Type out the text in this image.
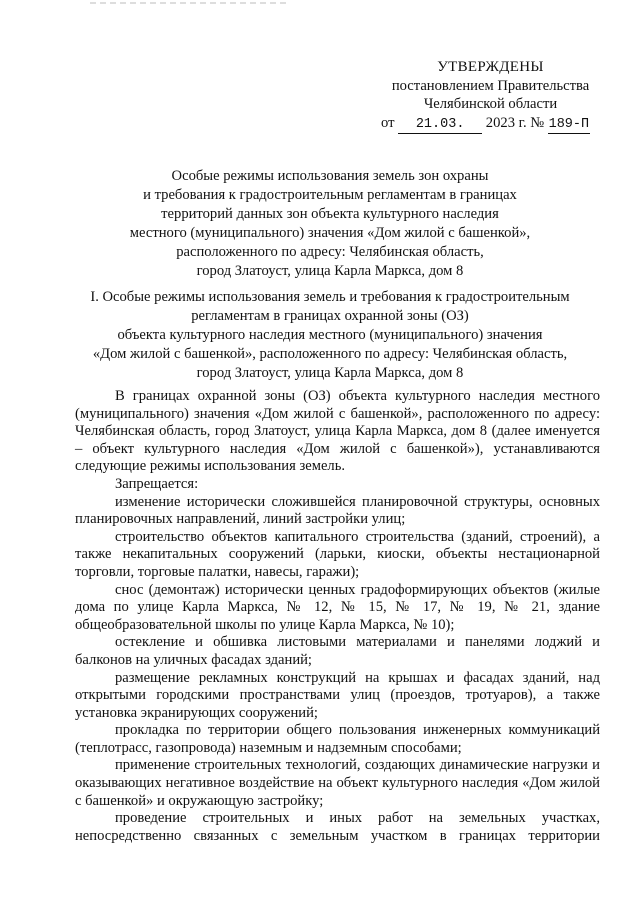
УТВЕРЖДЕНЫ
постановлением Правительства
Челябинской области
от 21.03. 2023 г. № 189-П
Особые режимы использования земель зон охраны
и требования к градостроительным регламентам в границах
территорий данных зон объекта культурного наследия
местного (муниципального) значения «Дом жилой с башенкой»,
расположенного по адресу: Челябинская область,
город Златоуст, улица Карла Маркса, дом 8
I. Особые режимы использования земель и требования к градостроительным
регламентам в границах охранной зоны (ОЗ)
объекта культурного наследия местного (муниципального) значения
«Дом жилой с башенкой», расположенного по адресу: Челябинская область,
город Златоуст, улица Карла Маркса, дом 8

В границах охранной зоны (ОЗ) объекта культурного наследия местного (муниципального) значения «Дом жилой с башенкой», расположенного по адресу: Челябинская область, город Златоуст, улица Карла Маркса, дом 8 (далее именуется – объект культурного наследия «Дом жилой с башенкой»), устанавливаются следующие режимы использования земель.

Запрещается:

изменение исторически сложившейся планировочной структуры, основных планировочных направлений, линий застройки улиц;

строительство объектов капитального строительства (зданий, строений), а также некапитальных сооружений (ларьки, киоски, объекты нестационарной торговли, торговые палатки, навесы, гаражи);

снос (демонтаж) исторически ценных градоформирующих объектов (жилые дома по улице Карла Маркса, № 12, № 15, № 17, № 19, № 21, здание общеобразовательной школы по улице Карла Маркса, № 10);

остекление и обшивка листовыми материалами и панелями лоджий и балконов на уличных фасадах зданий;

размещение рекламных конструкций на крышах и фасадах зданий, над открытыми городскими пространствами улиц (проездов, тротуаров), а также установка экранирующих сооружений;

прокладка по территории общего пользования инженерных коммуникаций (теплотрасс, газопровода) наземным и надземным способами;

применение строительных технологий, создающих динамические нагрузки и оказывающих негативное воздействие на объект культурного наследия «Дом жилой с башенкой» и окружающую застройку;

проведение строительных и иных работ на земельных участках, непосредственно связанных с земельным участком в границах территории
